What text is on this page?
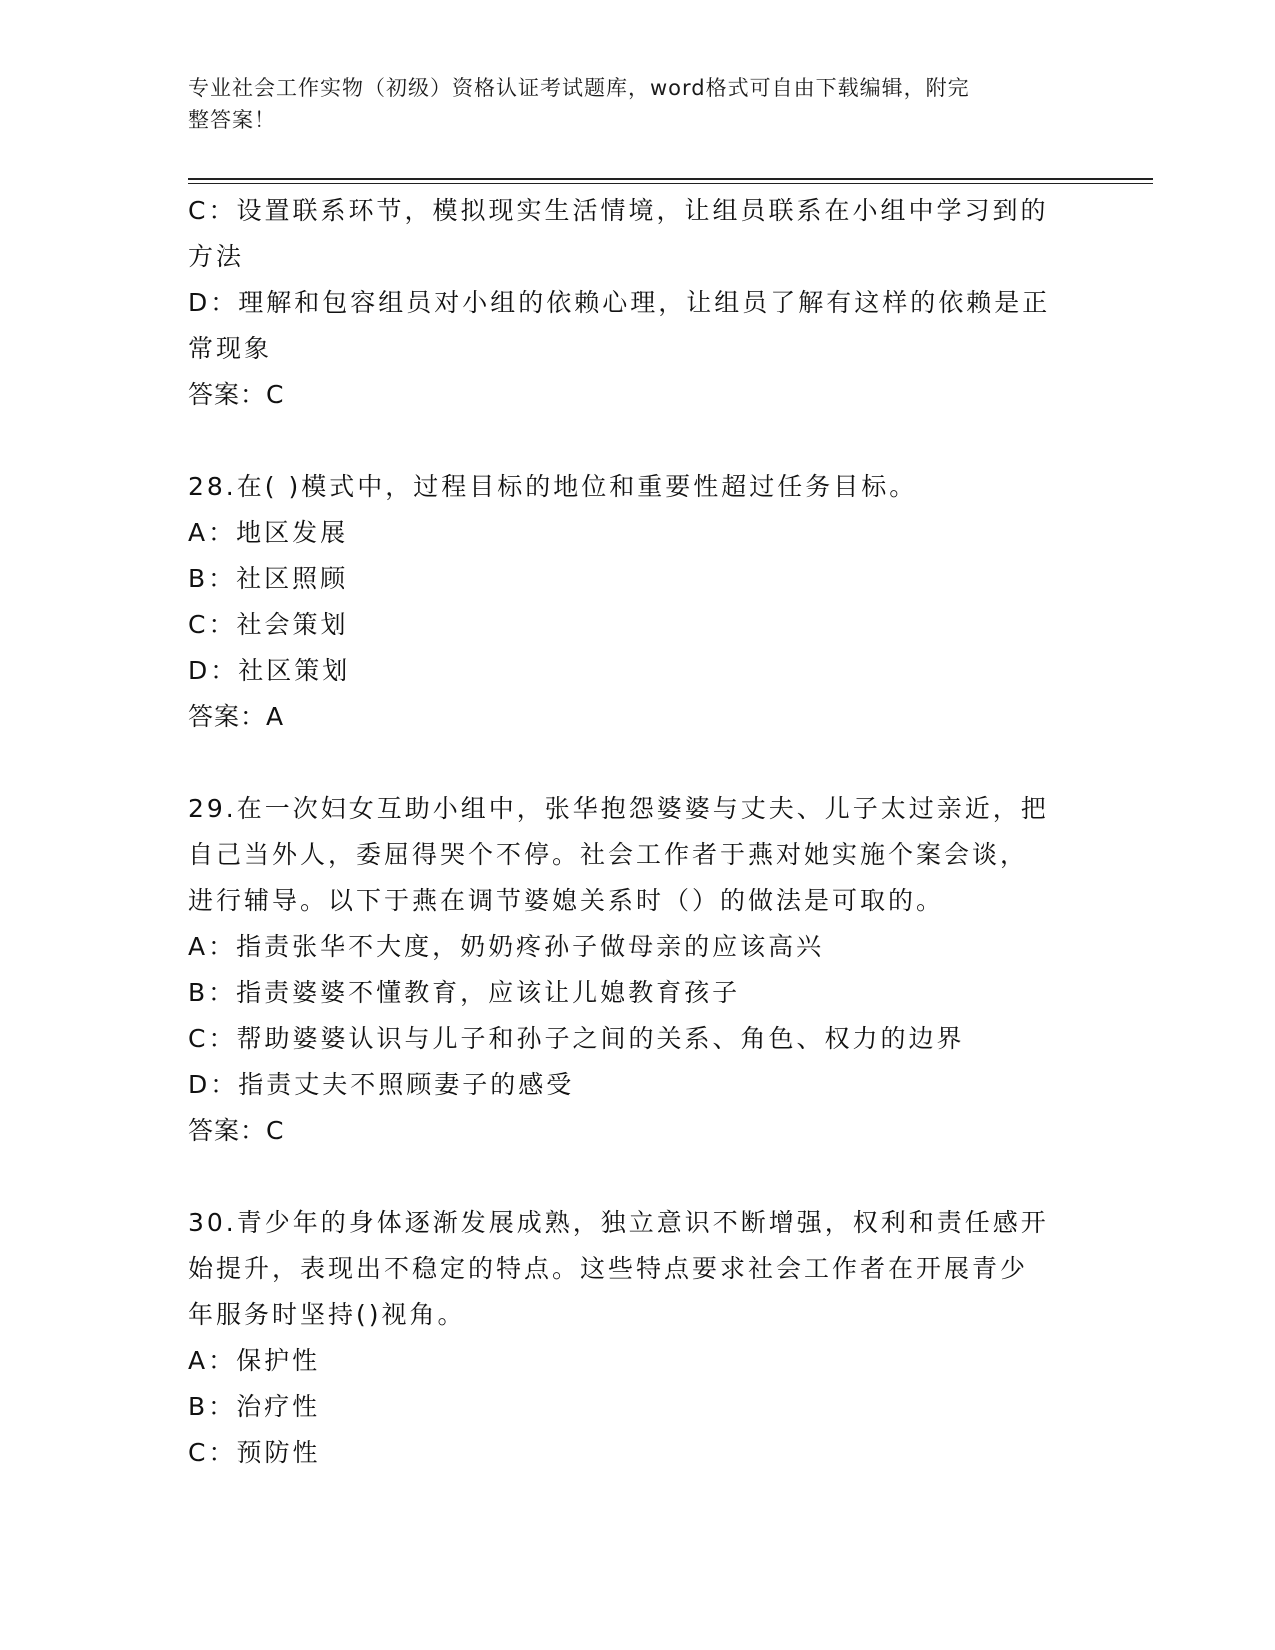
专业社会工作实物（初级）资格认证考试题库，word格式可自由下载编辑，附完
整答案！
C：设置联系环节，模拟现实生活情境，让组员联系在小组中学习到的
方法
D：理解和包容组员对小组的依赖心理，让组员了解有这样的依赖是正
常现象
答案：C
28.在( )模式中，过程目标的地位和重要性超过任务目标。
A：地区发展
B：社区照顾
C：社会策划
D：社区策划
答案：A
29.在一次妇女互助小组中，张华抱怨婆婆与丈夫、儿子太过亲近，把
自己当外人，委屈得哭个不停。社会工作者于燕对她实施个案会谈，
进行辅导。以下于燕在调节婆媳关系时（）的做法是可取的。
A：指责张华不大度，奶奶疼孙子做母亲的应该高兴
B：指责婆婆不懂教育，应该让儿媳教育孩子
C：帮助婆婆认识与儿子和孙子之间的关系、角色、权力的边界
D：指责丈夫不照顾妻子的感受
答案：C
30.青少年的身体逐渐发展成熟，独立意识不断增强，权利和责任感开
始提升，表现出不稳定的特点。这些特点要求社会工作者在开展青少
年服务时坚持()视角。
A：保护性
B：治疗性
C：预防性
